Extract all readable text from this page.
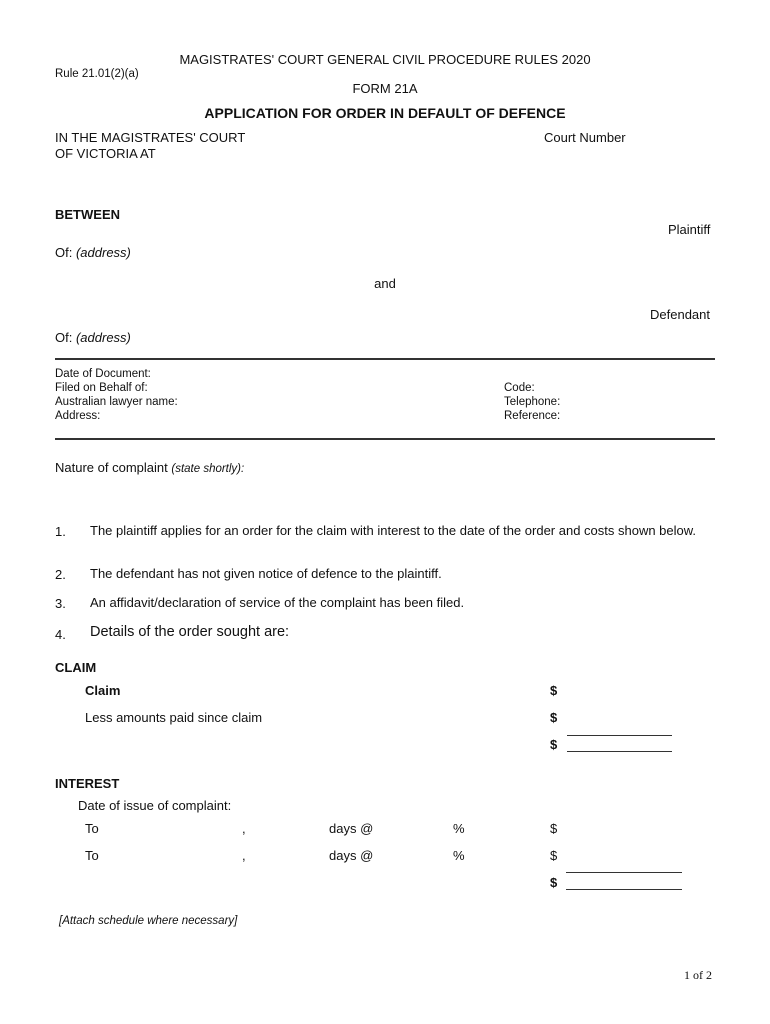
MAGISTRATES' COURT GENERAL CIVIL PROCEDURE RULES 2020
Rule 21.01(2)(a)
FORM 21A
APPLICATION FOR ORDER IN DEFAULT OF DEFENCE
IN THE MAGISTRATES' COURT
OF VICTORIA AT
Court Number
BETWEEN
Plaintiff
Of: (address)
and
Defendant
Of: (address)
Date of Document:
Filed on Behalf of:
Australian lawyer name:
Address:
Code:
Telephone:
Reference:
Nature of complaint (state shortly):
1. The plaintiff applies for an order for the claim with interest to the date of the order and costs shown below.
2. The defendant has not given notice of defence to the plaintiff.
3. An affidavit/declaration of service of the complaint has been filed.
4. Details of the order sought are:
CLAIM
Claim	$
Less amounts paid since claim	$
$
INTEREST
Date of issue of complaint:
To	,	days @	%	$
To	,	days @	%	$
$
[Attach schedule where necessary]
1 of 2
